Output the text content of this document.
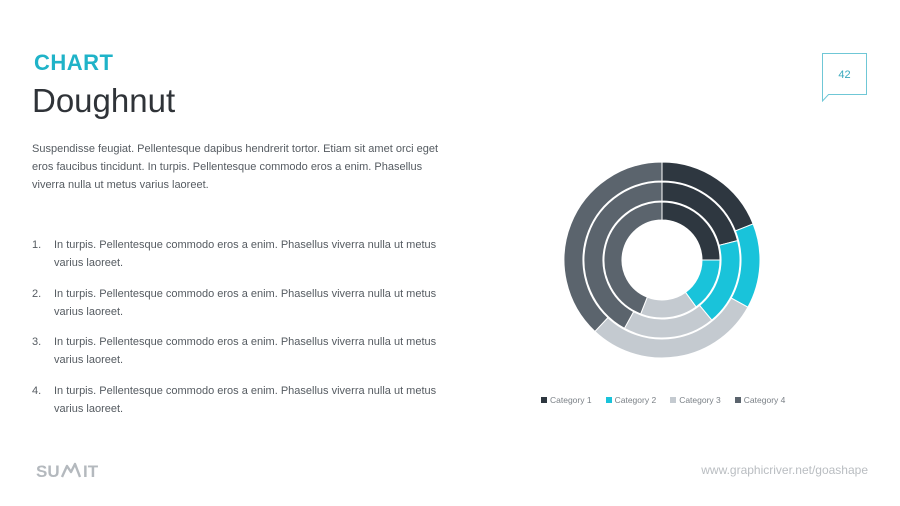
CHART
Doughnut
Suspendisse feugiat. Pellentesque dapibus hendrerit tortor. Etiam sit amet orci eget eros faucibus tincidunt. In turpis. Pellentesque commodo eros a enim. Phasellus viverra nulla ut metus varius laoreet.
1. In turpis. Pellentesque commodo eros a enim. Phasellus viverra nulla ut metus varius laoreet.
2. In turpis. Pellentesque commodo eros a enim. Phasellus viverra nulla ut metus varius laoreet.
3. In turpis. Pellentesque commodo eros a enim. Phasellus viverra nulla ut metus varius laoreet.
4. In turpis. Pellentesque commodo eros a enim. Phasellus viverra nulla ut metus varius laoreet.
42
Category 1	Category 2	Category 3	Category 4
SU IT	www.graphicriver.net/goashape
